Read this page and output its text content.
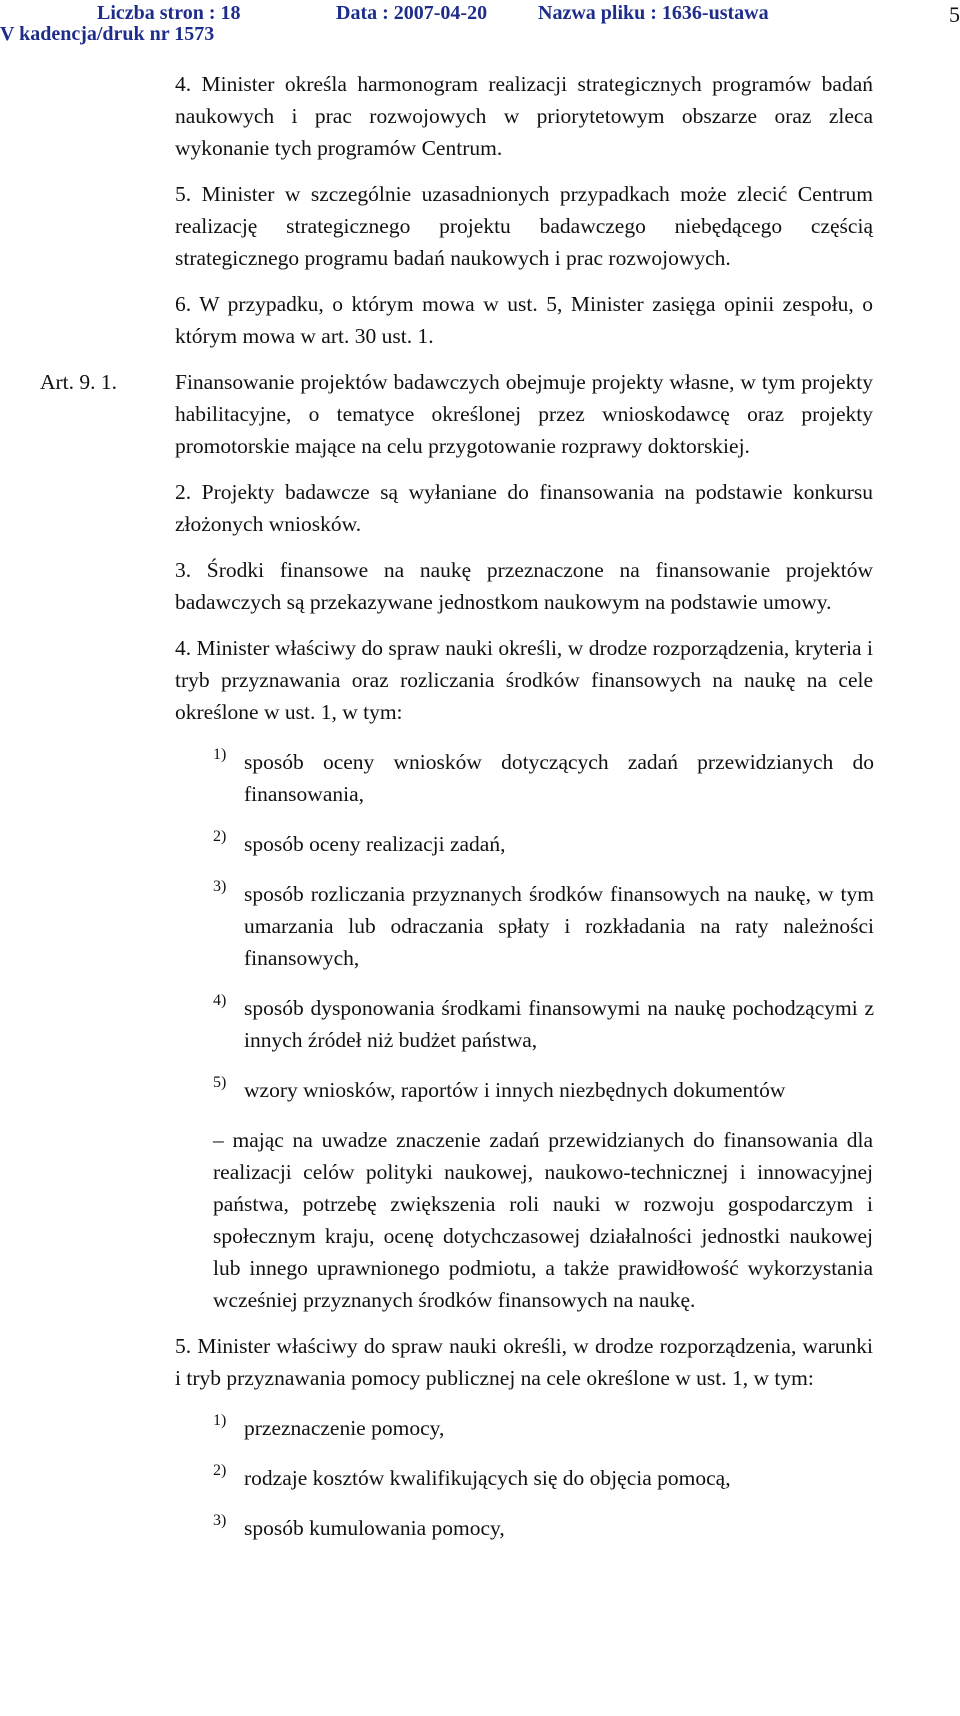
Liczba stron : 18	Data : 2007-04-20	Nazwa pliku : 1636-ustawa
V kadencja/druk nr 1573
5

4. Minister określa harmonogram realizacji strategicznych programów badań naukowych i prac rozwojowych w priorytetowym obszarze oraz zleca wykonanie tych programów Centrum.

5. Minister w szczególnie uzasadnionych przypadkach może zlecić Centrum realizację strategicznego projektu badawczego niebędącego częścią strategicznego programu badań naukowych i prac rozwojowych.

6. W przypadku, o którym mowa w ust. 5, Minister zasięga opinii zespołu, o którym mowa w art. 30 ust. 1.

Art. 9. 1.	Finansowanie projektów badawczych obejmuje projekty własne, w tym projekty habilitacyjne, o tematyce określonej przez wnioskodawcę oraz projekty promotorskie mające na celu przygotowanie rozprawy doktorskiej.

2. Projekty badawcze są wyłaniane do finansowania na podstawie konkursu złożonych wniosków.

3. Środki finansowe na naukę przeznaczone na finansowanie projektów badawczych są przekazywane jednostkom naukowym na podstawie umowy.

4. Minister właściwy do spraw nauki określi, w drodze rozporządzenia, kryteria i tryb przyznawania oraz rozliczania środków finansowych na naukę na cele określone w ust. 1, w tym:

1) sposób oceny wniosków dotyczących zadań przewidzianych do finansowania,

2) sposób oceny realizacji zadań,

3) sposób rozliczania przyznanych środków finansowych na naukę, w tym umarzania lub odraczania spłaty i rozkładania na raty należności finansowych,

4) sposób dysponowania środkami finansowymi na naukę pochodzącymi z innych źródeł niż budżet państwa,

5) wzory wniosków, raportów i innych niezbędnych dokumentów

– mając na uwadze znaczenie zadań przewidzianych do finansowania dla realizacji celów polityki naukowej, naukowo-technicznej i innowacyjnej państwa, potrzebę zwiększenia roli nauki w rozwoju gospodarczym i społecznym kraju, ocenę dotychczasowej działalności jednostki naukowej lub innego uprawnionego podmiotu, a także prawidłowość wykorzystania wcześniej przyznanych środków finansowych na naukę.

5. Minister właściwy do spraw nauki określi, w drodze rozporządzenia, warunki i tryb przyznawania pomocy publicznej na cele określone w ust. 1, w tym:

1) przeznaczenie pomocy,

2) rodzaje kosztów kwalifikujących się do objęcia pomocą,

3) sposób kumulowania pomocy,
